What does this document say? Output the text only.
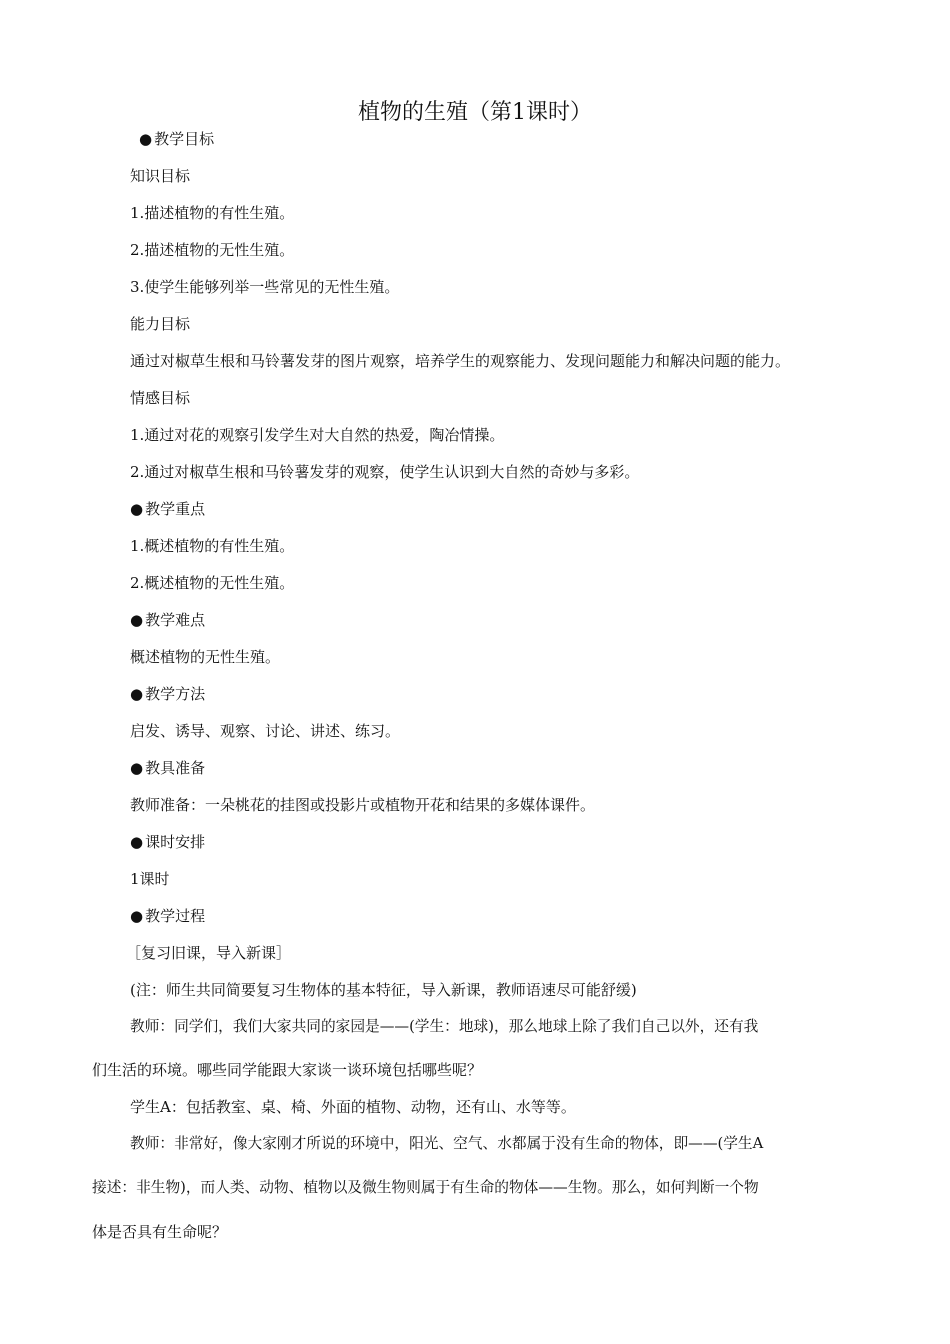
植物的生殖（第1课时）
● 教学目标
知识目标
1.描述植物的有性生殖。
2.描述植物的无性生殖。
3.使学生能够列举一些常见的无性生殖。
能力目标
通过对椒草生根和马铃薯发芽的图片观察，培养学生的观察能力、发现问题能力和解决问题的能力。
情感目标
1.通过对花的观察引发学生对大自然的热爱，陶冶情操。
2.通过对椒草生根和马铃薯发芽的观察，使学生认识到大自然的奇妙与多彩。
● 教学重点
1.概述植物的有性生殖。
2.概述植物的无性生殖。
● 教学难点
概述植物的无性生殖。
● 教学方法
启发、诱导、观察、讨论、讲述、练习。
● 教具准备
教师准备：一朵桃花的挂图或投影片或植物开花和结果的多媒体课件。
● 课时安排
1课时
● 教学过程
［复习旧课，导入新课］
(注：师生共同简要复习生物体的基本特征，导入新课，教师语速尽可能舒缓)
教师：同学们，我们大家共同的家园是——(学生：地球)，那么地球上除了我们自己以外，还有我
们生活的环境。哪些同学能跟大家谈一谈环境包括哪些呢？
学生A：包括教室、桌、椅、外面的植物、动物，还有山、水等等。
教师：非常好，像大家刚才所说的环境中，阳光、空气、水都属于没有生命的物体，即——(学生A
接述：非生物)，而人类、动物、植物以及微生物则属于有生命的物体——生物。那么，如何判断一个物
体是否具有生命呢？
